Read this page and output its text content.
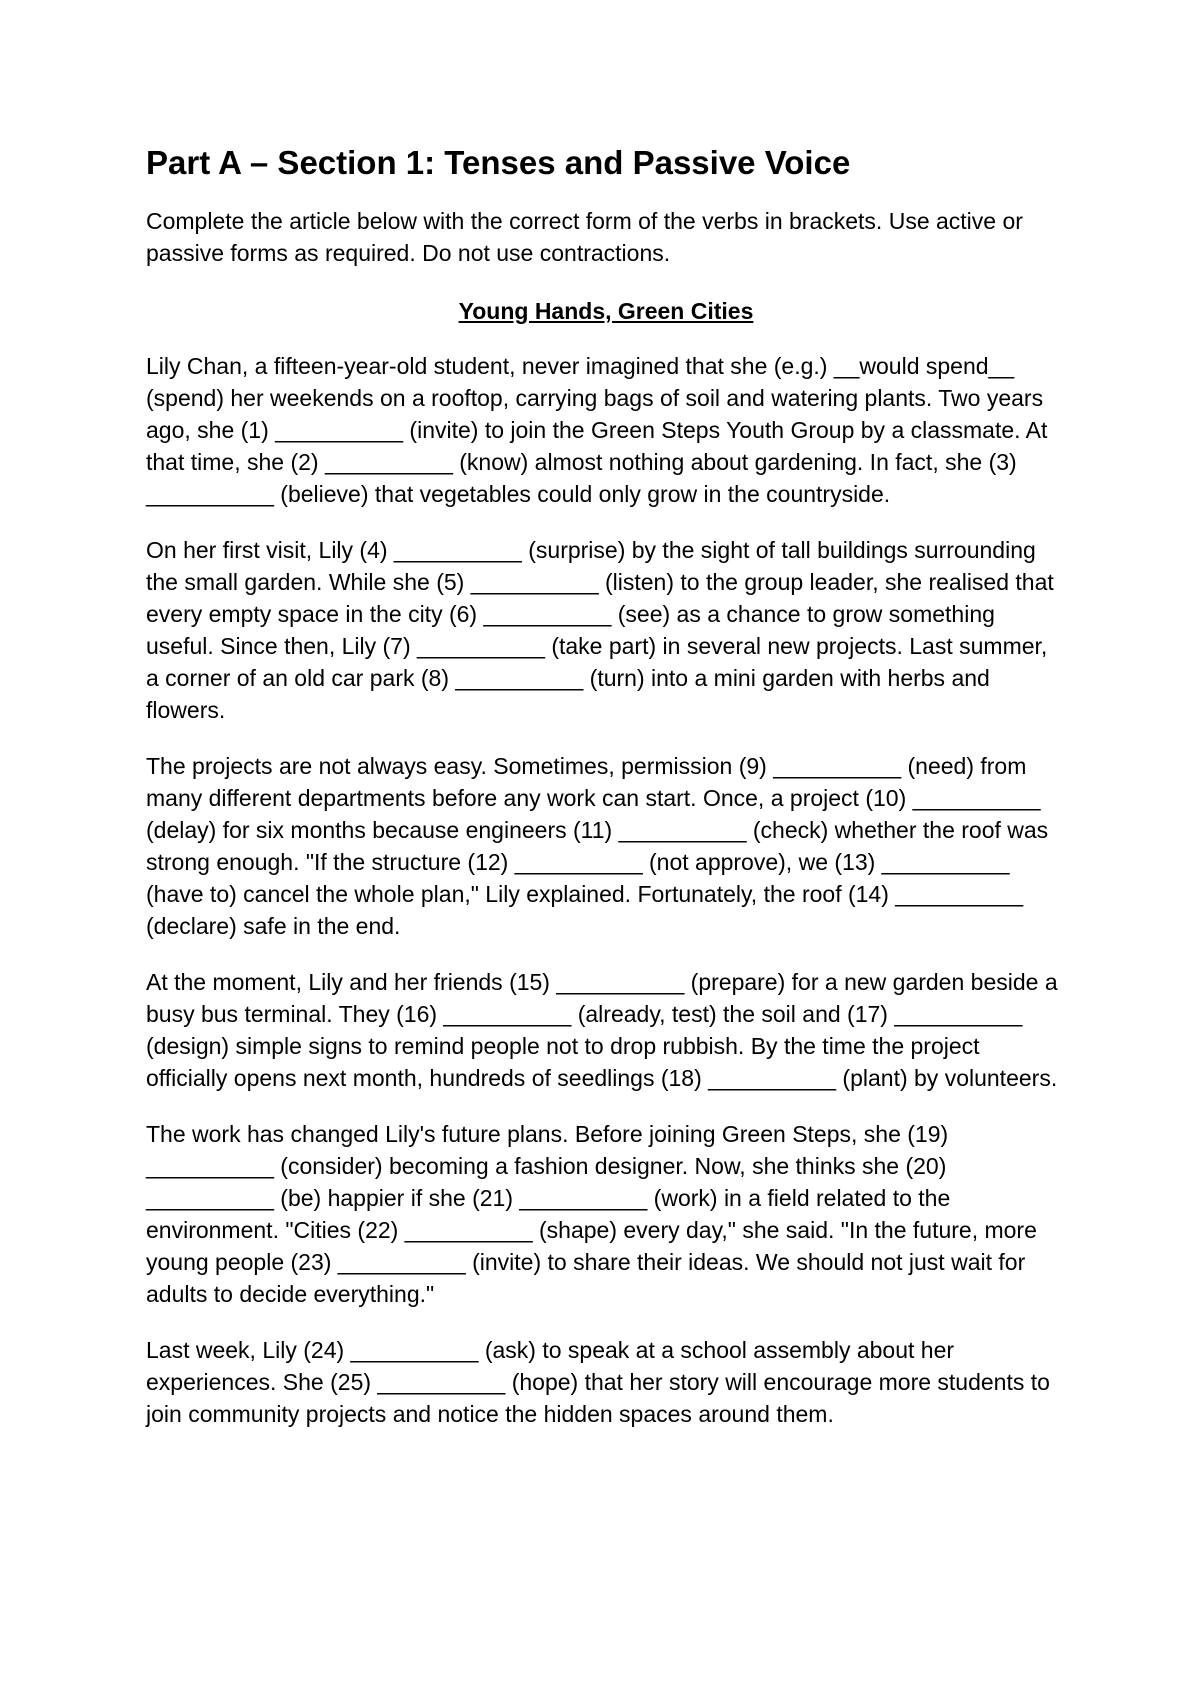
Part A – Section 1: Tenses and Passive Voice

Complete the article below with the correct form of the verbs in brackets. Use active or passive forms as required. Do not use contractions.

Young Hands, Green Cities

Lily Chan, a fifteen-year-old student, never imagined that she (e.g.) __would spend__ (spend) her weekends on a rooftop, carrying bags of soil and watering plants. Two years ago, she (1) __________ (invite) to join the Green Steps Youth Group by a classmate. At that time, she (2) __________ (know) almost nothing about gardening. In fact, she (3) __________ (believe) that vegetables could only grow in the countryside.

On her first visit, Lily (4) __________ (surprise) by the sight of tall buildings surrounding the small garden. While she (5) __________ (listen) to the group leader, she realised that every empty space in the city (6) __________ (see) as a chance to grow something useful. Since then, Lily (7) __________ (take part) in several new projects. Last summer, a corner of an old car park (8) __________ (turn) into a mini garden with herbs and flowers.

The projects are not always easy. Sometimes, permission (9) __________ (need) from many different departments before any work can start. Once, a project (10) __________ (delay) for six months because engineers (11) __________ (check) whether the roof was strong enough. "If the structure (12) __________ (not approve), we (13) __________ (have to) cancel the whole plan," Lily explained. Fortunately, the roof (14) __________ (declare) safe in the end.

At the moment, Lily and her friends (15) __________ (prepare) for a new garden beside a busy bus terminal. They (16) __________ (already, test) the soil and (17) __________ (design) simple signs to remind people not to drop rubbish. By the time the project officially opens next month, hundreds of seedlings (18) __________ (plant) by volunteers.

The work has changed Lily's future plans. Before joining Green Steps, she (19) __________ (consider) becoming a fashion designer. Now, she thinks she (20) __________ (be) happier if she (21) __________ (work) in a field related to the environment. "Cities (22) __________ (shape) every day," she said. "In the future, more young people (23) __________ (invite) to share their ideas. We should not just wait for adults to decide everything."

Last week, Lily (24) __________ (ask) to speak at a school assembly about her experiences. She (25) __________ (hope) that her story will encourage more students to join community projects and notice the hidden spaces around them.
